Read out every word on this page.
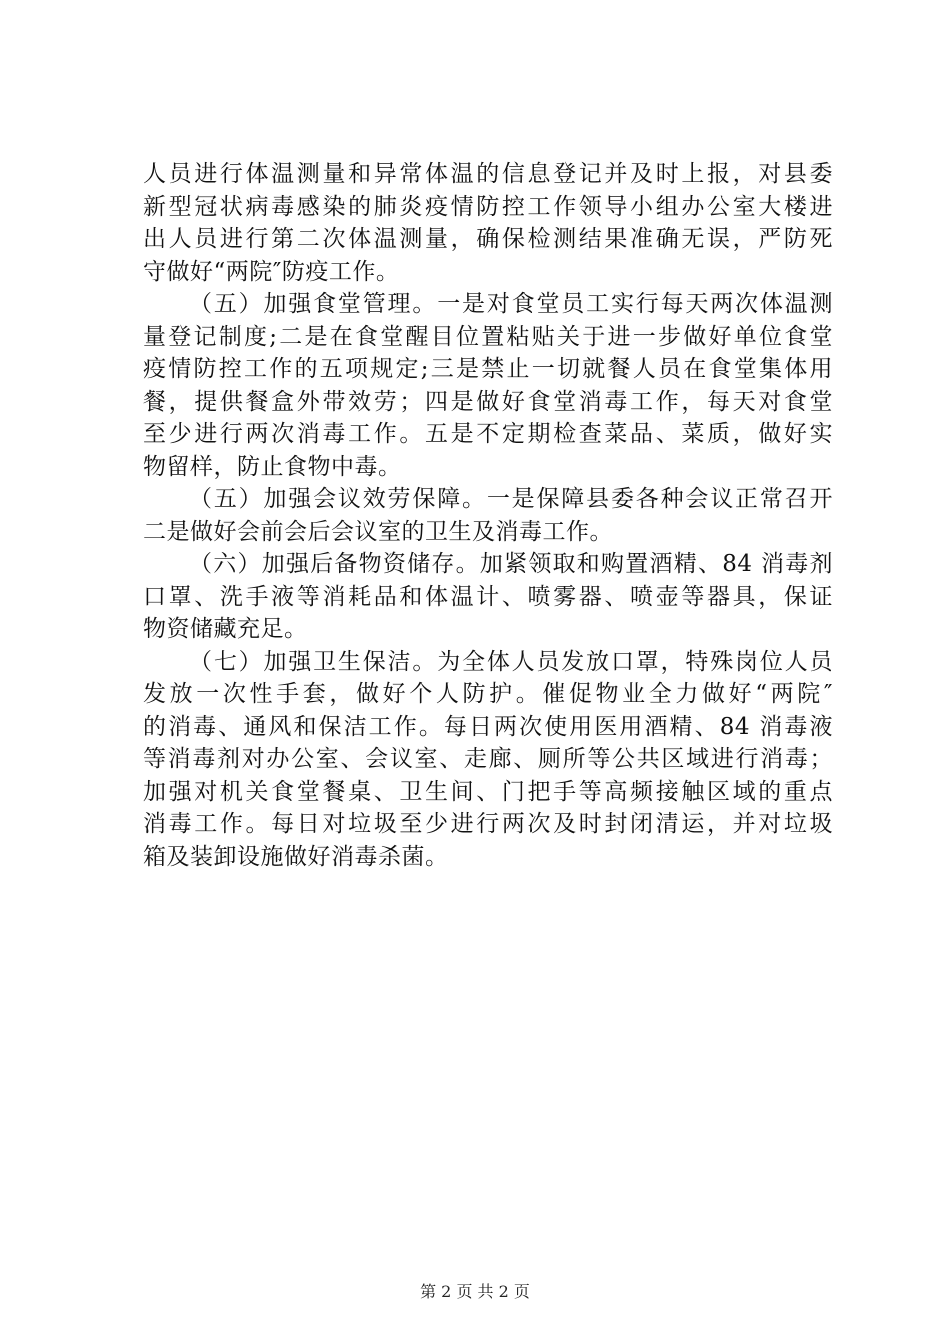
人员进行体温测量和异常体温的信息登记并及时上报，对县委
新型冠状病毒感染的肺炎疫情防控工作领导小组办公室大楼进
出人员进行第二次体温测量，确保检测结果准确无误，严防死
守做好“两院″防疫工作。
（五）加强食堂管理。一是对食堂员工实行每天两次体温测
量登记制度;二是在食堂醒目位置粘贴关于进一步做好单位食堂
疫情防控工作的五项规定;三是禁止一切就餐人员在食堂集体用
餐，提供餐盒外带效劳；四是做好食堂消毒工作，每天对食堂
至少进行两次消毒工作。五是不定期检查菜品、菜质，做好实
物留样，防止食物中毒。
（五）加强会议效劳保障。一是保障县委各种会议正常召开
二是做好会前会后会议室的卫生及消毒工作。
（六）加强后备物资储存。加紧领取和购置酒精、84 消毒剂
口罩、洗手液等消耗品和体温计、喷雾器、喷壶等器具，保证
物资储藏充足。
（七）加强卫生保洁。为全体人员发放口罩，特殊岗位人员
发放一次性手套，做好个人防护。催促物业全力做好“两院″
的消毒、通风和保洁工作。每日两次使用医用酒精、84 消毒液
等消毒剂对办公室、会议室、走廊、厕所等公共区域进行消毒；
加强对机关食堂餐桌、卫生间、门把手等高频接触区域的重点
消毒工作。每日对垃圾至少进行两次及时封闭清运，并对垃圾
箱及装卸设施做好消毒杀菌。
第 2 页 共 2 页
